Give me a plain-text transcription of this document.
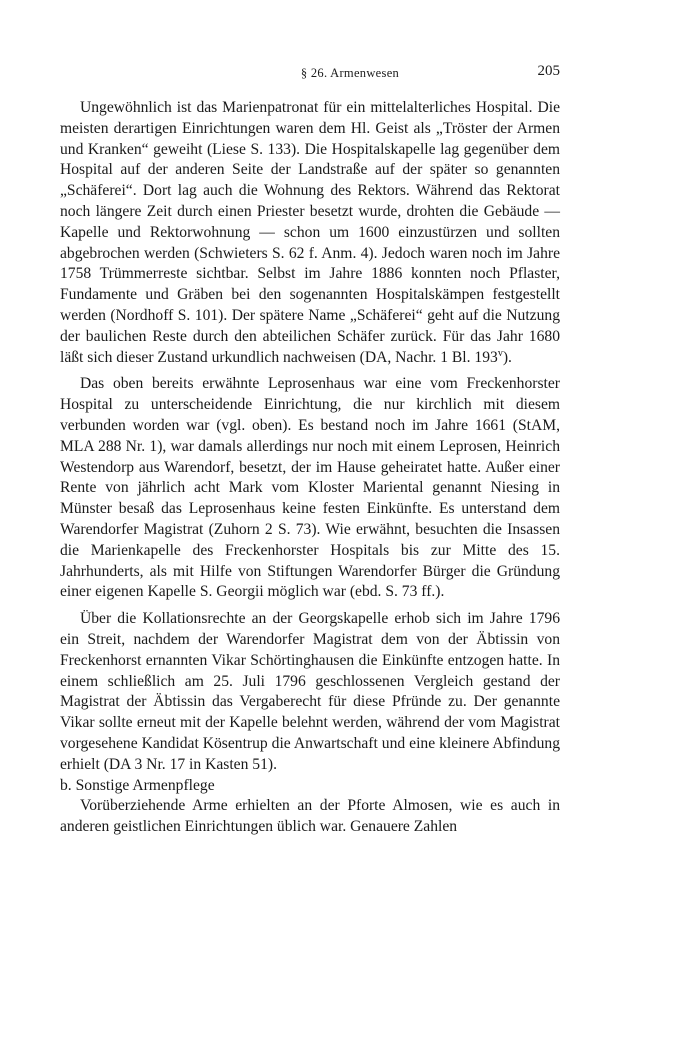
§ 26. Armenwesen	205

Ungewöhnlich ist das Marienpatronat für ein mittelalterliches Hospital. Die meisten derartigen Einrichtungen waren dem Hl. Geist als „Tröster der Armen und Kranken“ geweiht (Liese S. 133). Die Hospitalskapelle lag gegenüber dem Hospital auf der anderen Seite der Landstraße auf der später so genannten „Schäferei“. Dort lag auch die Wohnung des Rektors. Während das Rektorat noch längere Zeit durch einen Priester besetzt wurde, drohten die Gebäude — Kapelle und Rektorwohnung — schon um 1600 einzustürzen und sollten abgebrochen werden (Schwieters S. 62 f. Anm. 4). Jedoch waren noch im Jahre 1758 Trümmerreste sichtbar. Selbst im Jahre 1886 konnten noch Pflaster, Fundamente und Gräben bei den sogenannten Hospitalskämpen festgestellt werden (Nordhoff S. 101). Der spätere Name „Schäferei“ geht auf die Nutzung der baulichen Reste durch den abteilichen Schäfer zurück. Für das Jahr 1680 läßt sich dieser Zustand urkundlich nachweisen (DA, Nachr. 1 Bl. 193$^v$).

Das oben bereits erwähnte Leprosenhaus war eine vom Freckenhorster Hospital zu unterscheidende Einrichtung, die nur kirchlich mit diesem verbunden worden war (vgl. oben). Es bestand noch im Jahre 1661 (StAM, MLA 288 Nr. 1), war damals allerdings nur noch mit einem Leprosen, Heinrich Westendorp aus Warendorf, besetzt, der im Hause geheiratet hatte. Außer einer Rente von jährlich acht Mark vom Kloster Mariental genannt Niesing in Münster besaß das Leprosenhaus keine festen Einkünfte. Es unterstand dem Warendorfer Magistrat (Zuhorn 2 S. 73). Wie erwähnt, besuchten die Insassen die Marienkapelle des Freckenhorster Hospitals bis zur Mitte des 15. Jahrhunderts, als mit Hilfe von Stiftungen Warendorfer Bürger die Gründung einer eigenen Kapelle S. Georgii möglich war (ebd. S. 73 ff.).

Über die Kollationsrechte an der Georgskapelle erhob sich im Jahre 1796 ein Streit, nachdem der Warendorfer Magistrat dem von der Äbtissin von Freckenhorst ernannten Vikar Schörtinghausen die Einkünfte entzogen hatte. In einem schließlich am 25. Juli 1796 geschlossenen Vergleich gestand der Magistrat der Äbtissin das Vergaberecht für diese Pfründe zu. Der genannte Vikar sollte erneut mit der Kapelle belehnt werden, während der vom Magistrat vorgesehene Kandidat Kösentrup die Anwartschaft und eine kleinere Abfindung erhielt (DA 3 Nr. 17 in Kasten 51).

b. Sonstige Armenpflege

Vorüberziehende Arme erhielten an der Pforte Almosen, wie es auch in anderen geistlichen Einrichtungen üblich war. Genauere Zahlen
